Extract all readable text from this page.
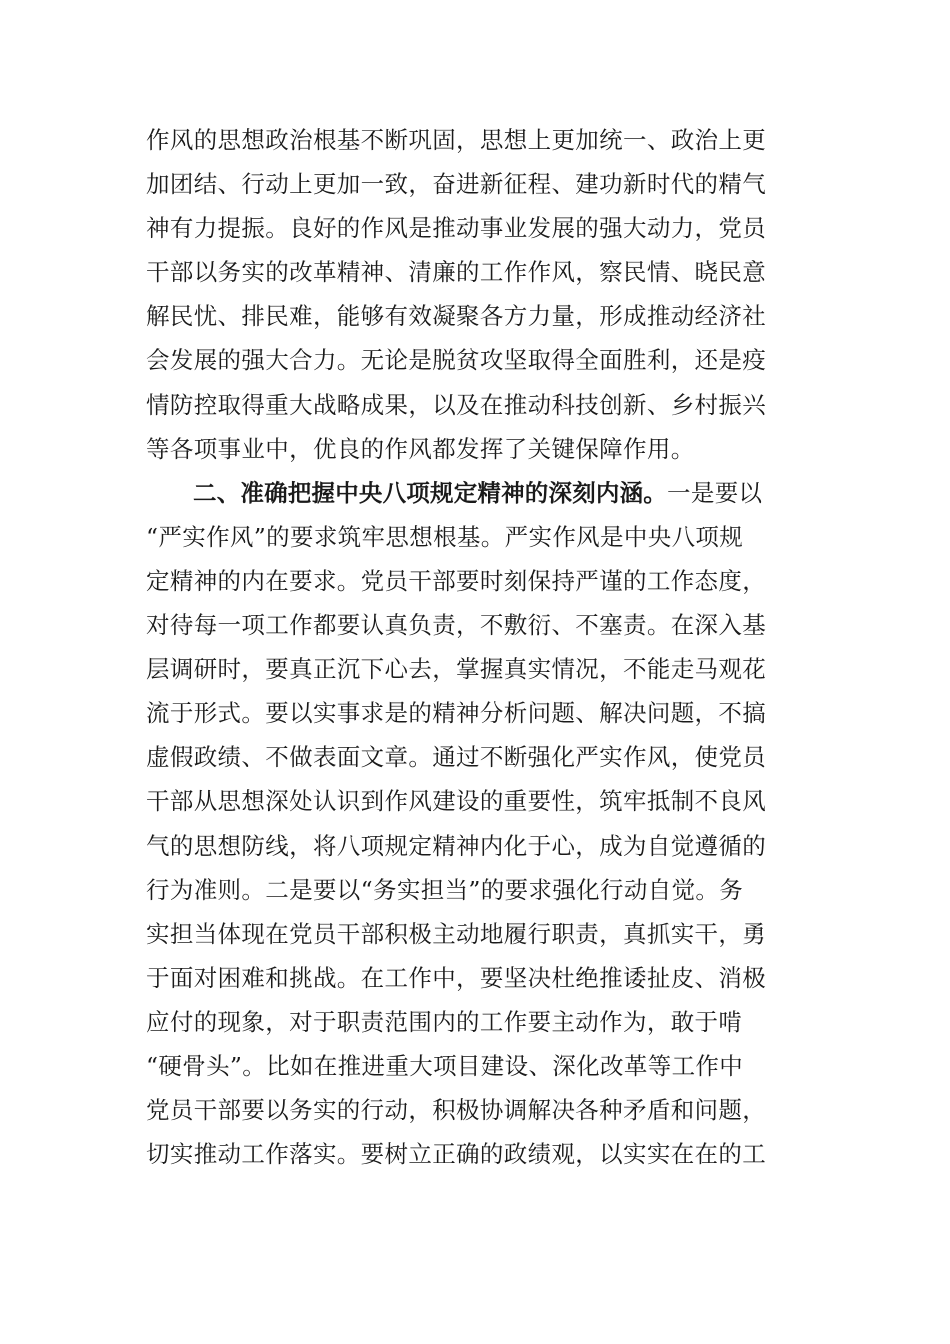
作风的思想政治根基不断巩固，思想上更加统一、政治上更
加团结、行动上更加一致，奋进新征程、建功新时代的精气
神有力提振。良好的作风是推动事业发展的强大动力，党员
干部以务实的改革精神、清廉的工作作风，察民情、晓民意
解民忧、排民难，能够有效凝聚各方力量，形成推动经济社
会发展的强大合力。无论是脱贫攻坚取得全面胜利，还是疫
情防控取得重大战略成果，以及在推动科技创新、乡村振兴
等各项事业中，优良的作风都发挥了关键保障作用。
二、准确把握中央八项规定精神的深刻内涵。一是要以
“严实作风”的要求筑牢思想根基。严实作风是中央八项规
定精神的内在要求。党员干部要时刻保持严谨的工作态度，
对待每一项工作都要认真负责，不敷衍、不塞责。在深入基
层调研时，要真正沉下心去，掌握真实情况，不能走马观花
流于形式。要以实事求是的精神分析问题、解决问题，不搞
虚假政绩、不做表面文章。通过不断强化严实作风，使党员
干部从思想深处认识到作风建设的重要性，筑牢抵制不良风
气的思想防线，将八项规定精神内化于心，成为自觉遵循的
行为准则。二是要以“务实担当”的要求强化行动自觉。务
实担当体现在党员干部积极主动地履行职责，真抓实干，勇
于面对困难和挑战。在工作中，要坚决杜绝推诿扯皮、消极
应付的现象，对于职责范围内的工作要主动作为，敢于啃
“硬骨头”。比如在推进重大项目建设、深化改革等工作中
党员干部要以务实的行动，积极协调解决各种矛盾和问题，
切实推动工作落实。要树立正确的政绩观，以实实在在的工
